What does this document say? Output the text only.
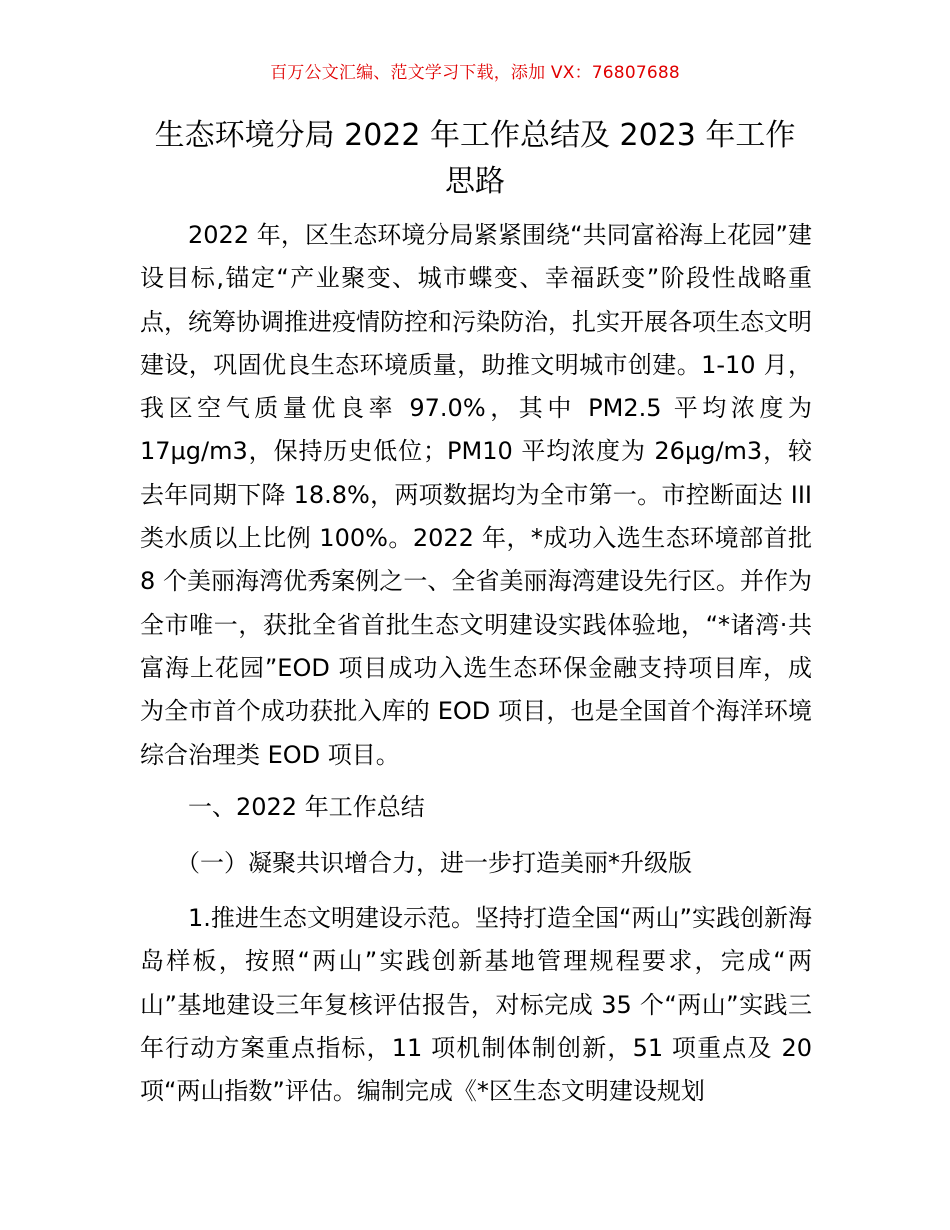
百万公文汇编、范文学习下载，添加 VX：76807688
生态环境分局 2022 年工作总结及 2023 年工作思路
2022 年，区生态环境分局紧紧围绕“共同富裕海上花园”建设目标,锚定“产业聚变、城市蝶变、幸福跃变”阶段性战略重点，统筹协调推进疫情防控和污染防治，扎实开展各项生态文明建设，巩固优良生态环境质量，助推文明城市创建。1-10 月，我区空气质量优良率 97.0%，其中 PM2.5 平均浓度为 17μg/m3，保持历史低位；PM10 平均浓度为 26μg/m3，较去年同期下降 18.8%，两项数据均为全市第一。市控断面达 III 类水质以上比例 100%。2022 年，*成功入选生态环境部首批 8 个美丽海湾优秀案例之一、全省美丽海湾建设先行区。并作为全市唯一，获批全省首批生态文明建设实践体验地，“*诸湾·共富海上花园”EOD 项目成功入选生态环保金融支持项目库，成为全市首个成功获批入库的 EOD 项目，也是全国首个海洋环境综合治理类 EOD 项目。
一、2022 年工作总结
（一）凝聚共识增合力，进一步打造美丽*升级版
1.推进生态文明建设示范。坚持打造全国“两山”实践创新海岛样板，按照“两山”实践创新基地管理规程要求，完成“两山”基地建设三年复核评估报告，对标完成 35 个“两山”实践三年行动方案重点指标，11 项机制体制创新，51 项重点及 20 项“两山指数”评估。编制完成《*区生态文明建设规划
